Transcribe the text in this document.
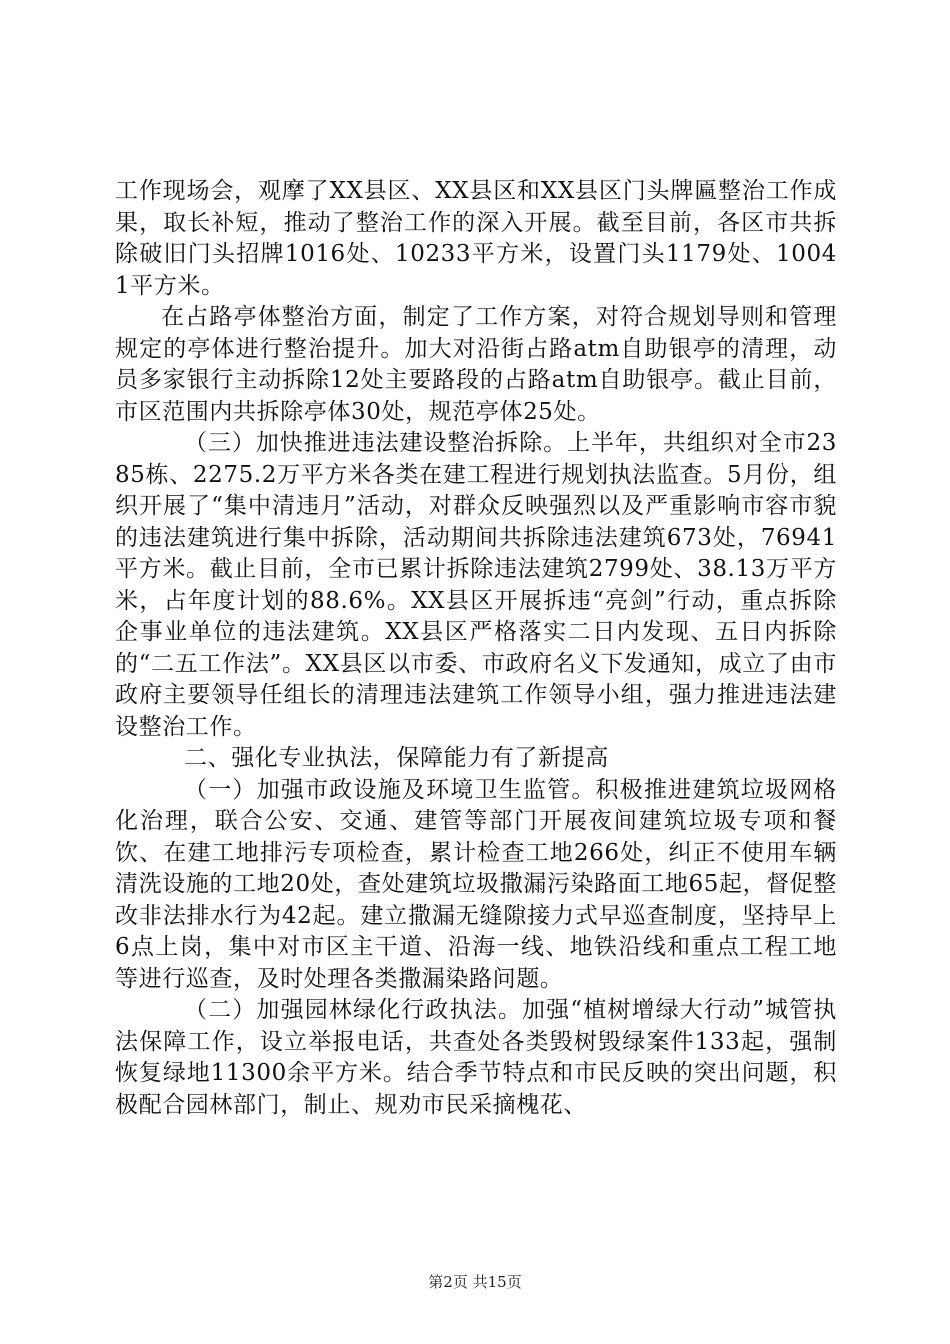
工作现场会，观摩了XX县区、XX县区和XX县区门头牌匾整治工作成果，取长补短，推动了整治工作的深入开展。截至目前，各区市共拆除破旧门头招牌1016处、10233平方米，设置门头1179处、10041平方米。

在占路亭体整治方面，制定了工作方案，对符合规划导则和管理规定的亭体进行整治提升。加大对沿街占路atm自助银亭的清理，动员多家银行主动拆除12处主要路段的占路atm自助银亭。截止目前，市区范围内共拆除亭体30处，规范亭体25处。

（三）加快推进违法建设整治拆除。上半年，共组织对全市2385栋、2275.2万平方米各类在建工程进行规划执法监查。5月份，组织开展了“集中清违月”活动，对群众反映强烈以及严重影响市容市貌的违法建筑进行集中拆除，活动期间共拆除违法建筑673处，76941平方米。截止目前，全市已累计拆除违法建筑2799处、38.13万平方米，占年度计划的88.6%。XX县区开展拆违“亮剑”行动，重点拆除企事业单位的违法建筑。XX县区严格落实二日内发现、五日内拆除的“二五工作法”。XX县区以市委、市政府名义下发通知，成立了由市政府主要领导任组长的清理违法建筑工作领导小组，强力推进违法建设整治工作。

二、强化专业执法，保障能力有了新提高

（一）加强市政设施及环境卫生监管。积极推进建筑垃圾网格化治理，联合公安、交通、建管等部门开展夜间建筑垃圾专项和餐饮、在建工地排污专项检查，累计检查工地266处，纠正不使用车辆清洗设施的工地20处，查处建筑垃圾撒漏污染路面工地65起，督促整改非法排水行为42起。建立撒漏无缝隙接力式早巡查制度，坚持早上6点上岗，集中对市区主干道、沿海一线、地铁沿线和重点工程工地等进行巡查，及时处理各类撒漏染路问题。

（二）加强园林绿化行政执法。加强“植树增绿大行动”城管执法保障工作，设立举报电话，共查处各类毁树毁绿案件133起，强制恢复绿地11300余平方米。结合季节特点和市民反映的突出问题，积极配合园林部门，制止、规劝市民采摘槐花、

第2页 共15页
